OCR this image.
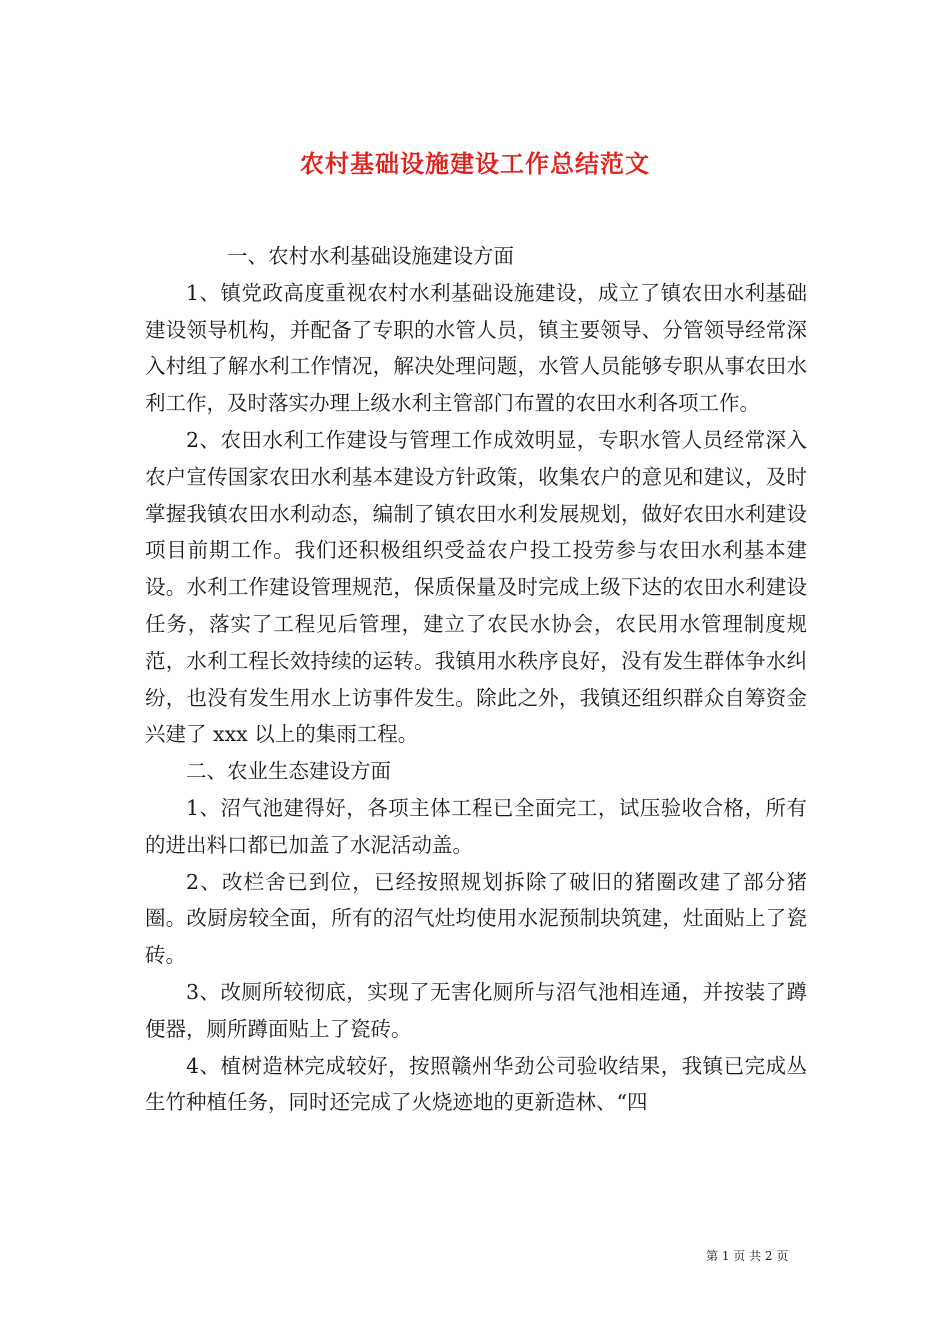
农村基础设施建设工作总结范文

一、农村水利基础设施建设方面

1、镇党政高度重视农村水利基础设施建设，成立了镇农田水利基础建设领导机构，并配备了专职的水管人员，镇主要领导、分管领导经常深入村组了解水利工作情况，解决处理问题，水管人员能够专职从事农田水利工作，及时落实办理上级水利主管部门布置的农田水利各项工作。

2、农田水利工作建设与管理工作成效明显，专职水管人员经常深入农户宣传国家农田水利基本建设方针政策，收集农户的意见和建议，及时掌握我镇农田水利动态，编制了镇农田水利发展规划，做好农田水利建设项目前期工作。我们还积极组织受益农户投工投劳参与农田水利基本建设。水利工作建设管理规范，保质保量及时完成上级下达的农田水利建设任务，落实了工程见后管理，建立了农民水协会，农民用水管理制度规范，水利工程长效持续的运转。我镇用水秩序良好，没有发生群体争水纠纷，也没有发生用水上访事件发生。除此之外，我镇还组织群众自筹资金兴建了 xxx 以上的集雨工程。

二、农业生态建设方面

1、沼气池建得好，各项主体工程已全面完工，试压验收合格，所有的进出料口都已加盖了水泥活动盖。

2、改栏舍已到位，已经按照规划拆除了破旧的猪圈改建了部分猪圈。改厨房较全面，所有的沼气灶均使用水泥预制块筑建，灶面贴上了瓷砖。

3、改厕所较彻底，实现了无害化厕所与沼气池相连通，并按装了蹲便器，厕所蹲面贴上了瓷砖。

4、植树造林完成较好，按照赣州华劲公司验收结果，我镇已完成丛生竹种植任务，同时还完成了火烧迹地的更新造林、“四

第 1 页 共 2 页
